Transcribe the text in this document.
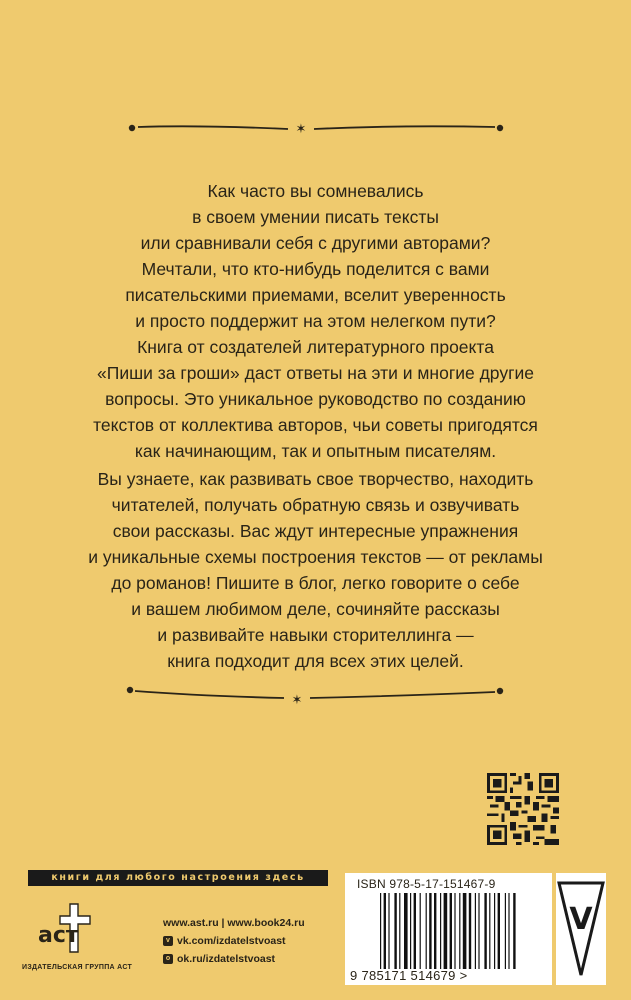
✶
Как часто вы сомневались
в своем умении писать тексты
или сравнивали себя с другими авторами?
Мечтали, что кто-нибудь поделится с вами
писательскими приемами, вселит уверенность
и просто поддержит на этом нелегком пути?
Книга от создателей литературного проекта
«Пиши за гроши» даст ответы на эти и многие другие
вопросы. Это уникальное руководство по созданию
текстов от коллектива авторов, чьи советы пригодятся
как начинающим, так и опытным писателям.
Вы узнаете, как развивать свое творчество, находить
читателей, получать обратную связь и озвучивать
свои рассказы. Вас ждут интересные упражнения
и уникальные схемы построения текстов — от рекламы
до романов! Пишите в блог, легко говорите о себе
и вашем любимом деле, сочиняйте рассказы
и развивайте навыки сторителлинга —
книга подходит для всех этих целей.
✶
книги для любого настроения здесь
аст
ИЗДАТЕЛЬСКАЯ ГРУППА АСТ
www.ast.ru | www.book24.ru
v vk.com/izdatelstvoast
o ok.ru/izdatelstvoast
ISBN 978-5-17-151467-9
9 785171 514679 >
V
